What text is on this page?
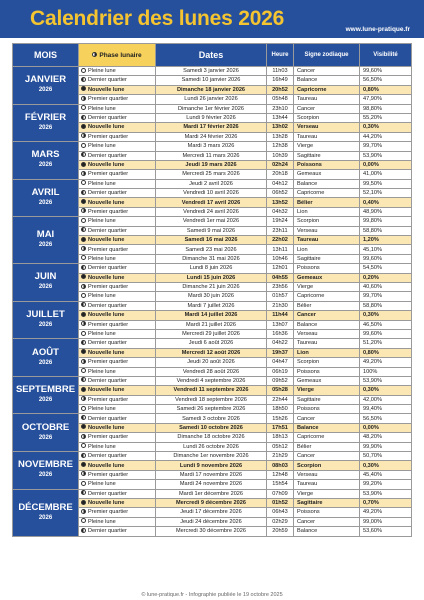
Calendrier des lunes 2026	www.lune-pratique.fr
MOIS	Phase lunaire	Dates	Heure	Signe zodiaque	Visibilité

JANVIER
2026	Pleine lune	Samedi 3 janvier 2026	11h03	Cancer	99,60%
	Dernier quartier	Samedi 10 janvier 2026	16h49	Balance	56,50%
	Nouvelle lune	Dimanche 18 janvier 2026	20h52	Capricorne	0,80%
	Premier quartier	Lundi 26 janvier 2026	05h48	Taureau	47,90%

FÉVRIER
2026	Pleine lune	Dimanche 1er février 2026	23h10	Cancer	98,80%
	Dernier quartier	Lundi 9 février 2026	13h44	Scorpion	55,20%
	Nouvelle lune	Mardi 17 février 2026	13h02	Verseau	0,30%
	Premier quartier	Mardi 24 février 2026	13h28	Taureau	44,20%

MARS
2026	Pleine lune	Mardi 3 mars 2026	12h38	Vierge	99,70%
	Dernier quartier	Mercredi 11 mars 2026	10h39	Sagittaire	53,90%
	Nouvelle lune	Jeudi 19 mars 2026	02h24	Poissons	0,00%
	Premier quartier	Mercredi 25 mars 2026	20h18	Gemeaux	41,00%

AVRIL
2026	Pleine lune	Jeudi 2 avril 2026	04h12	Balance	99,50%
	Dernier quartier	Vendredi 10 avril 2026	06h52	Capricorne	52,10%
	Nouvelle lune	Vendredi 17 avril 2026	13h52	Bélier	0,40%
	Premier quartier	Vendredi 24 avril 2026	04h32	Lion	48,90%

MAI
2026	Pleine lune	Vendredi 1er mai 2026	19h24	Scorpion	99,80%
	Dernier quartier	Samedi 9 mai 2026	23h11	Verseau	58,80%
	Nouvelle lune	Samedi 16 mai 2026	22h02	Taureau	1,20%
	Premier quartier	Samedi 23 mai 2026	13h11	Lion	45,10%
	Pleine lune	Dimanche 31 mai 2026	10h46	Sagittaire	99,60%

JUIN
2026	Dernier quartier	Lundi 8 juin 2026	12h01	Poissons	54,50%
	Nouvelle lune	Lundi 15 juin 2026	04h55	Gemeaux	0,20%
	Premier quartier	Dimanche 21 juin 2026	23h56	Vierge	40,60%
	Pleine lune	Mardi 30 juin 2026	01h57	Capricorne	99,70%

JUILLET
2026	Dernier quartier	Mardi 7 juillet 2026	21h30	Bélier	58,80%
	Nouvelle lune	Mardi 14 juillet 2026	11h44	Cancer	0,30%
	Premier quartier	Mardi 21 juillet 2026	13h07	Balance	46,50%
	Pleine lune	Mercredi 29 juillet 2026	16h36	Verseau	99,60%

AOÛT
2026	Dernier quartier	Jeudi 6 août 2026	04h22	Taureau	51,20%
	Nouvelle lune	Mercredi 12 août 2026	19h37	Lion	0,80%
	Premier quartier	Jeudi 20 août 2026	04h47	Scorpion	49,20%
	Pleine lune	Vendredi 28 août 2026	06h19	Poissons	100%

SEPTEMBRE
2026	Dernier quartier	Vendredi 4 septembre 2026	09h52	Gemeaux	53,90%
	Nouvelle lune	Vendredi 11 septembre 2026	05h28	Vierge	0,30%
	Premier quartier	Vendredi 18 septembre 2026	22h44	Sagittaire	42,00%
	Pleine lune	Samedi 26 septembre 2026	18h50	Poissons	99,40%

OCTOBRE
2026	Dernier quartier	Samedi 3 octobre 2026	15h26	Cancer	56,50%
	Nouvelle lune	Samedi 10 octobre 2026	17h51	Balance	0,00%
	Premier quartier	Dimanche 18 octobre 2026	18h13	Capricorne	48,20%
	Pleine lune	Lundi 26 octobre 2026	05h12	Bélier	99,90%

NOVEMBRE
2026	Dernier quartier	Dimanche 1er novembre 2026	21h29	Cancer	50,70%
	Nouvelle lune	Lundi 9 novembre 2026	08h03	Scorpion	0,30%
	Premier quartier	Mardi 17 novembre 2026	12h48	Verseau	45,40%
	Pleine lune	Mardi 24 novembre 2026	15h54	Taureau	99,20%

DÉCEMBRE
2026	Dernier quartier	Mardi 1er décembre 2026	07h09	Vierge	53,90%
	Nouvelle lune	Mercredi 9 décembre 2026	01h52	Sagittaire	0,70%
	Premier quartier	Jeudi 17 décembre 2026	06h43	Poissons	49,20%
	Pleine lune	Jeudi 24 décembre 2026	02h29	Cancer	99,00%
	Dernier quartier	Mercredi 30 décembre 2026	20h59	Balance	53,60%
© lune-pratique.fr - Infographie publiée le 19 octobre 2025
